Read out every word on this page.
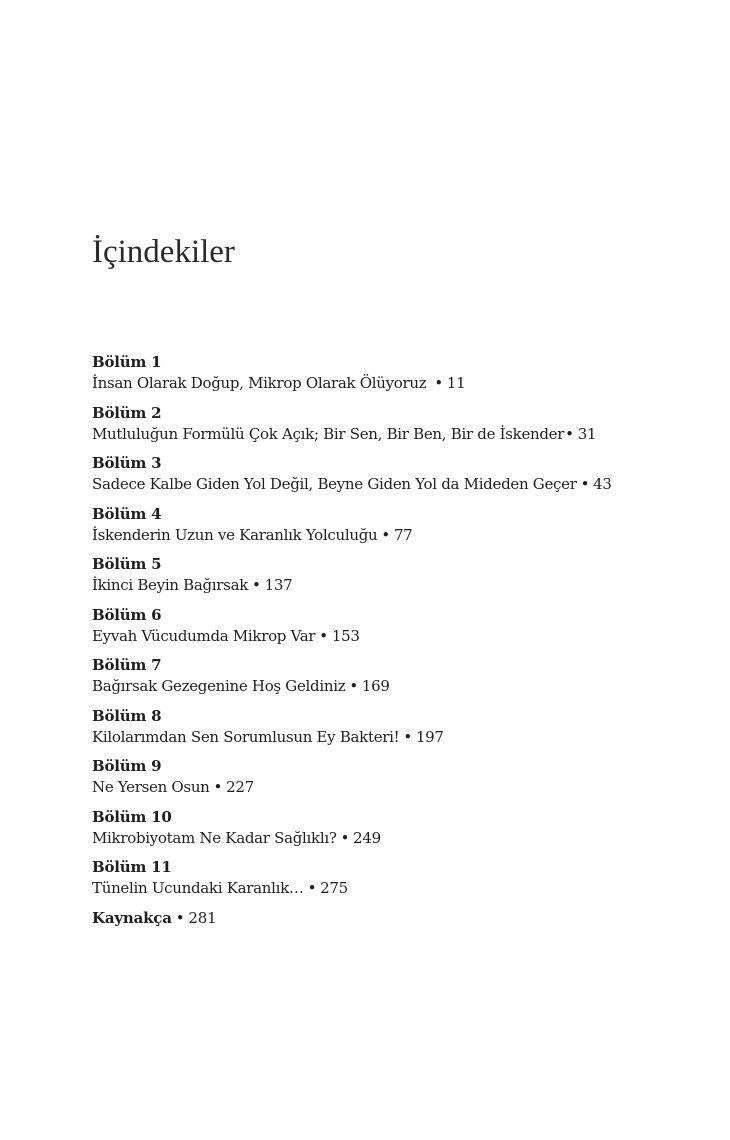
İçindekiler
Bölüm 1
İnsan Olarak Doğup, Mikrop Olarak Ölüyoruz • 11
Bölüm 2
Mutluluğun Formülü Çok Açık; Bir Sen, Bir Ben, Bir de İskender• 31
Bölüm 3
Sadece Kalbe Giden Yol Değil, Beyne Giden Yol da Mideden Geçer • 43
Bölüm 4
İskenderin Uzun ve Karanlık Yolculuğu • 77
Bölüm 5
İkinci Beyin Bağırsak • 137
Bölüm 6
Eyvah Vücudumda Mikrop Var • 153
Bölüm 7
Bağırsak Gezegenine Hoş Geldiniz • 169
Bölüm 8
Kilolarımdan Sen Sorumlusun Ey Bakteri! • 197
Bölüm 9
Ne Yersen Osun • 227
Bölüm 10
Mikrobiyotam Ne Kadar Sağlıklı? • 249
Bölüm 11
Tünelin Ucundaki Karanlık… • 275
Kaynakça • 281
